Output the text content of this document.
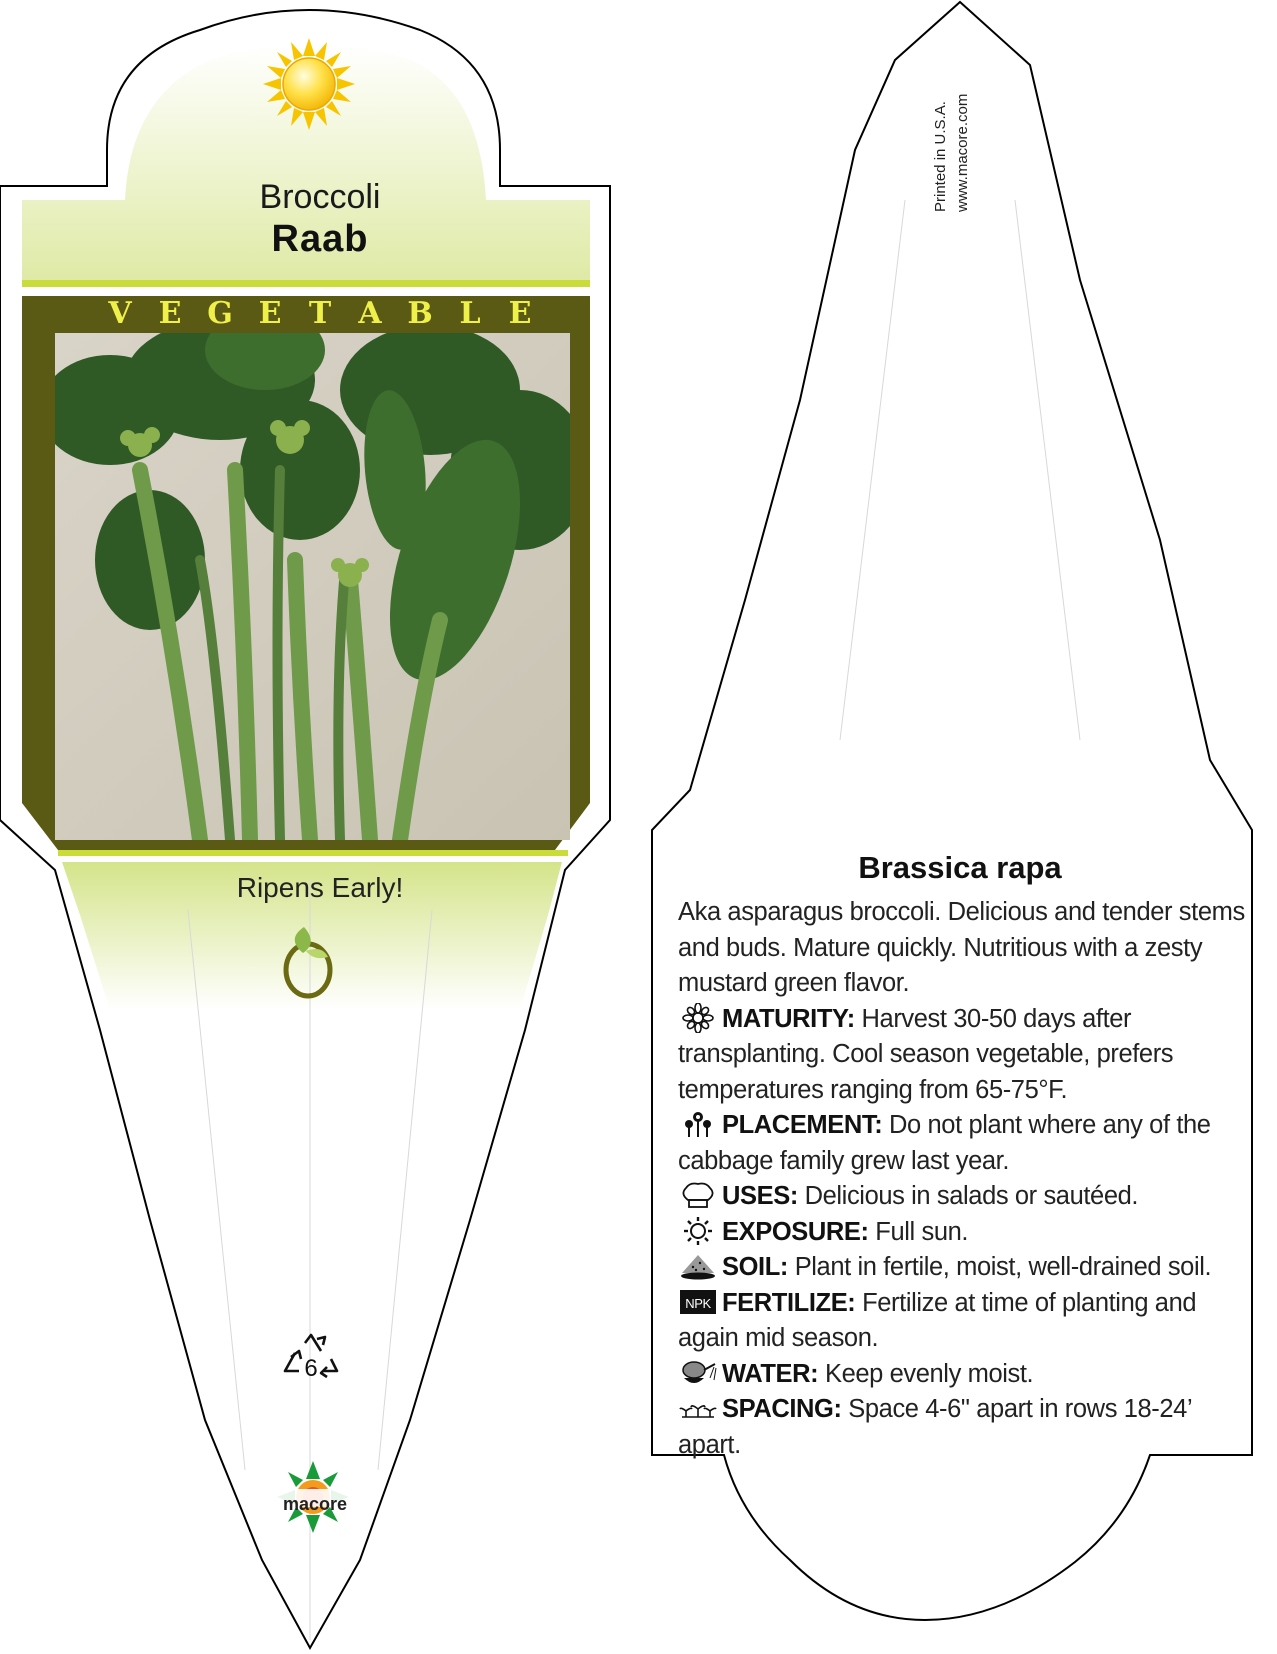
Broccoli
Raab
V E G E T A B L E
Ripens Early!
6
macore
Printed in U.S.A. www.macore.com
Brassica rapa
Aka asparagus broccoli. Delicious and tender stems and buds. Mature quickly. Nutritious with a zesty mustard green flavor.
MATURITY: Harvest 30-50 days after transplanting. Cool season vegetable, prefers temperatures ranging from 65-75°F.
PLACEMENT: Do not plant where any of the cabbage family grew last year.
USES: Delicious in salads or sautéed.
EXPOSURE: Full sun.
SOIL: Plant in fertile, moist, well-drained soil.
NPK FERTILIZE: Fertilize at time of planting and again mid season.
WATER: Keep evenly moist.
SPACING: Space 4-6" apart in rows 18-24’ apart.
